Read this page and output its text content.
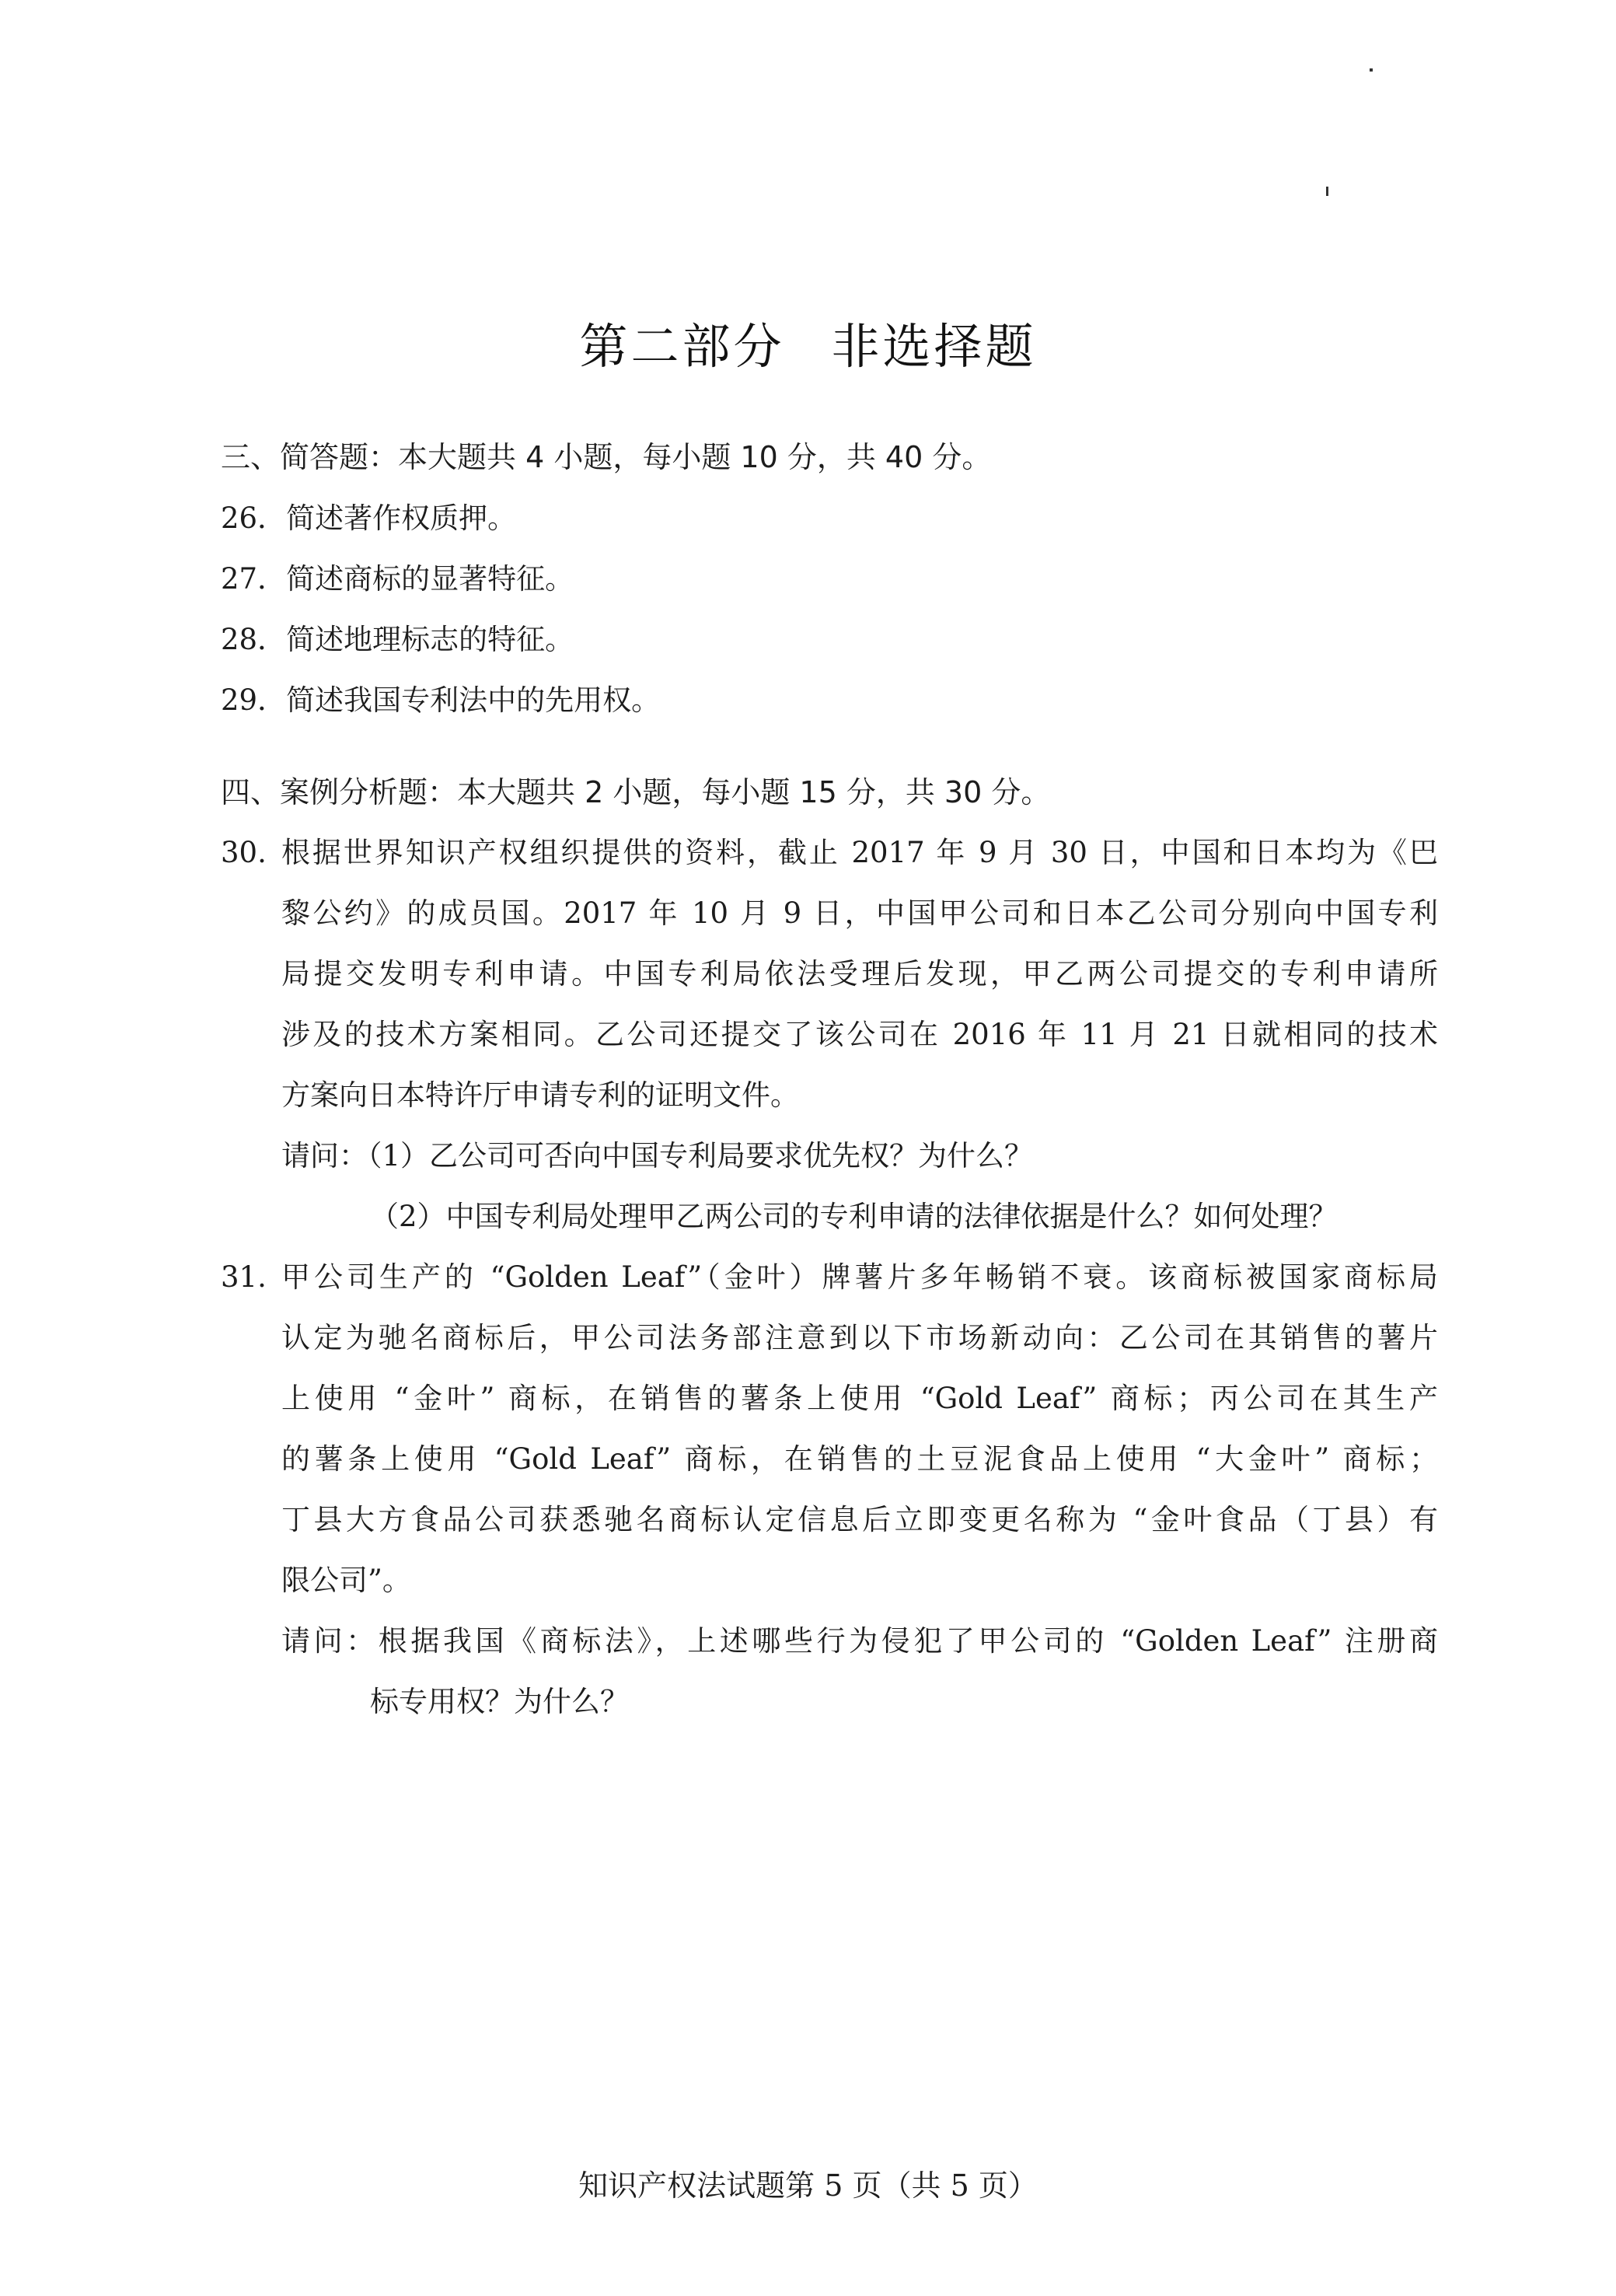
第二部分 非选择题
三、简答题：本大题共 4 小题，每小题 10 分，共 40 分。
26．简述著作权质押。
27．简述商标的显著特征。
28．简述地理标志的特征。
29．简述我国专利法中的先用权。
四、案例分析题：本大题共 2 小题，每小题 15 分，共 30 分。
30. 根据世界知识产权组织提供的资料，截止 2017 年 9 月 30 日，中国和日本均为《巴
黎公约》的成员国。2017 年 10 月 9 日，中国甲公司和日本乙公司分别向中国专利
局提交发明专利申请。中国专利局依法受理后发现，甲乙两公司提交的专利申请所
涉及的技术方案相同。乙公司还提交了该公司在 2016 年 11 月 21 日就相同的技术
方案向日本特许厅申请专利的证明文件。
请问：（1）乙公司可否向中国专利局要求优先权？为什么？
（2）中国专利局处理甲乙两公司的专利申请的法律依据是什么？如何处理？
31. 甲公司生产的 “Golden Leaf”（金叶）牌薯片多年畅销不衰。该商标被国家商标局
认定为驰名商标后，甲公司法务部注意到以下市场新动向：乙公司在其销售的薯片
上使用 “金叶” 商标，在销售的薯条上使用 “Gold Leaf” 商标；丙公司在其生产
的薯条上使用 “Gold Leaf” 商标，在销售的土豆泥食品上使用 “大金叶” 商标；
丁县大方食品公司获悉驰名商标认定信息后立即变更名称为 “金叶食品（丁县）有
限公司”。
请问：根据我国《商标法》，上述哪些行为侵犯了甲公司的 “Golden Leaf” 注册商
标专用权？为什么？
知识产权法试题第 5 页（共 5 页）
